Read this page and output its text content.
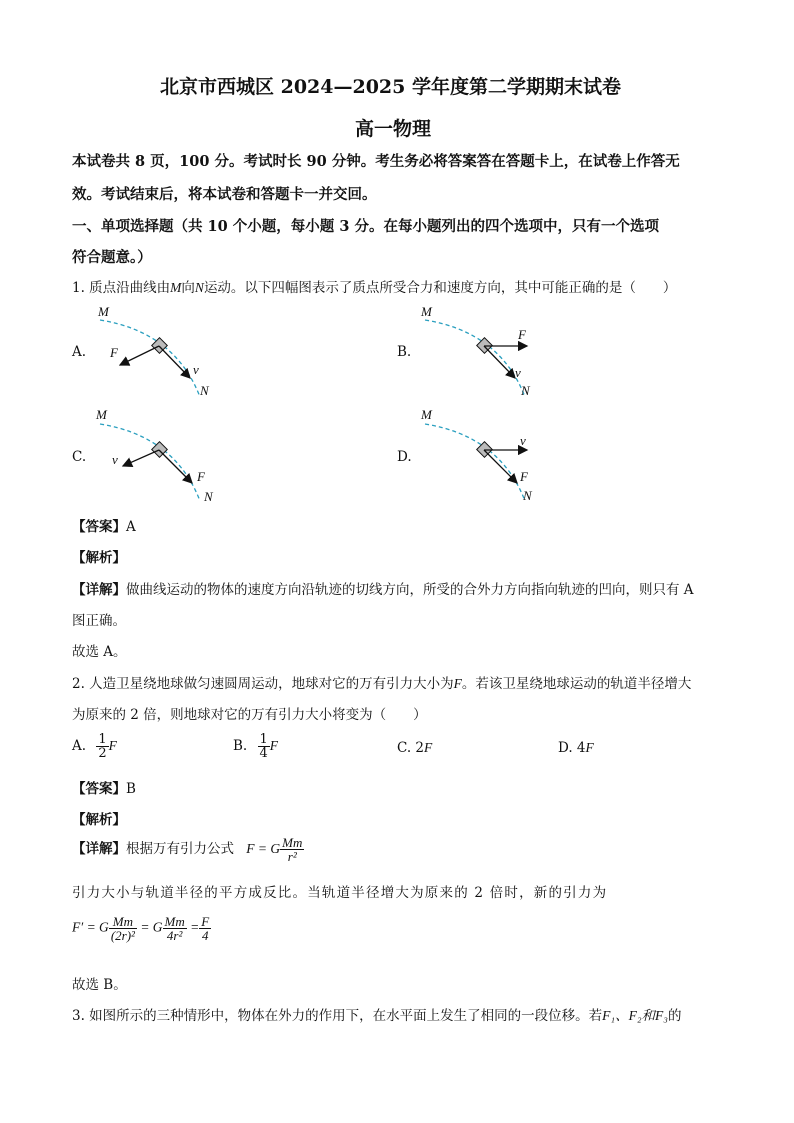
北京市西城区 2024—2025 学年度第二学期期末试卷
高一物理
本试卷共 8 页，100 分。考试时长 90 分钟。考生务必将答案答在答题卡上，在试卷上作答无
效。考试结束后，将本试卷和答题卡一并交回。
一、单项选择题（共 10 个小题，每小题 3 分。在每小题列出的四个选项中，只有一个选项
符合题意。）
1. 质点沿曲线由M向N运动。以下四幅图表示了质点所受合力和速度方向，其中可能正确的是（　　）
A.	B.
C.	D.
M
F
v
N
M
F
v
N
M
v
F
N
M
v
F
N
【答案】A
【解析】
【详解】做曲线运动的物体的速度方向沿轨迹的切线方向，所受的合外力方向指向轨迹的凹向，则只有 A
图正确。
故选 A。
2. 人造卫星绕地球做匀速圆周运动，地球对它的万有引力大小为F。若该卫星绕地球运动的轨道半径增大
为原来的 2 倍，则地球对它的万有引力大小将变为（　　）
A. $\frac{1}{2}$ F	B. $\frac{1}{4}$ F	C. 2F	D. 4F
【答案】B
【解析】
【详解】根据万有引力公式 F = G $\frac{Mm}{\text{r²}}$
引力大小与轨道半径的平方成反比。当轨道半径增大为原来的 2 倍时，新的引力为
F′ = G $\frac{Mm}{\text{(2r)²}} = G \frac{Mm}{\text{4r²}} = \frac{F}{4}$
故选 B。
3. 如图所示的三种情形中，物体在外力的作用下，在水平面上发生了相同的一段位移。若F₁、F₂和F₃的
